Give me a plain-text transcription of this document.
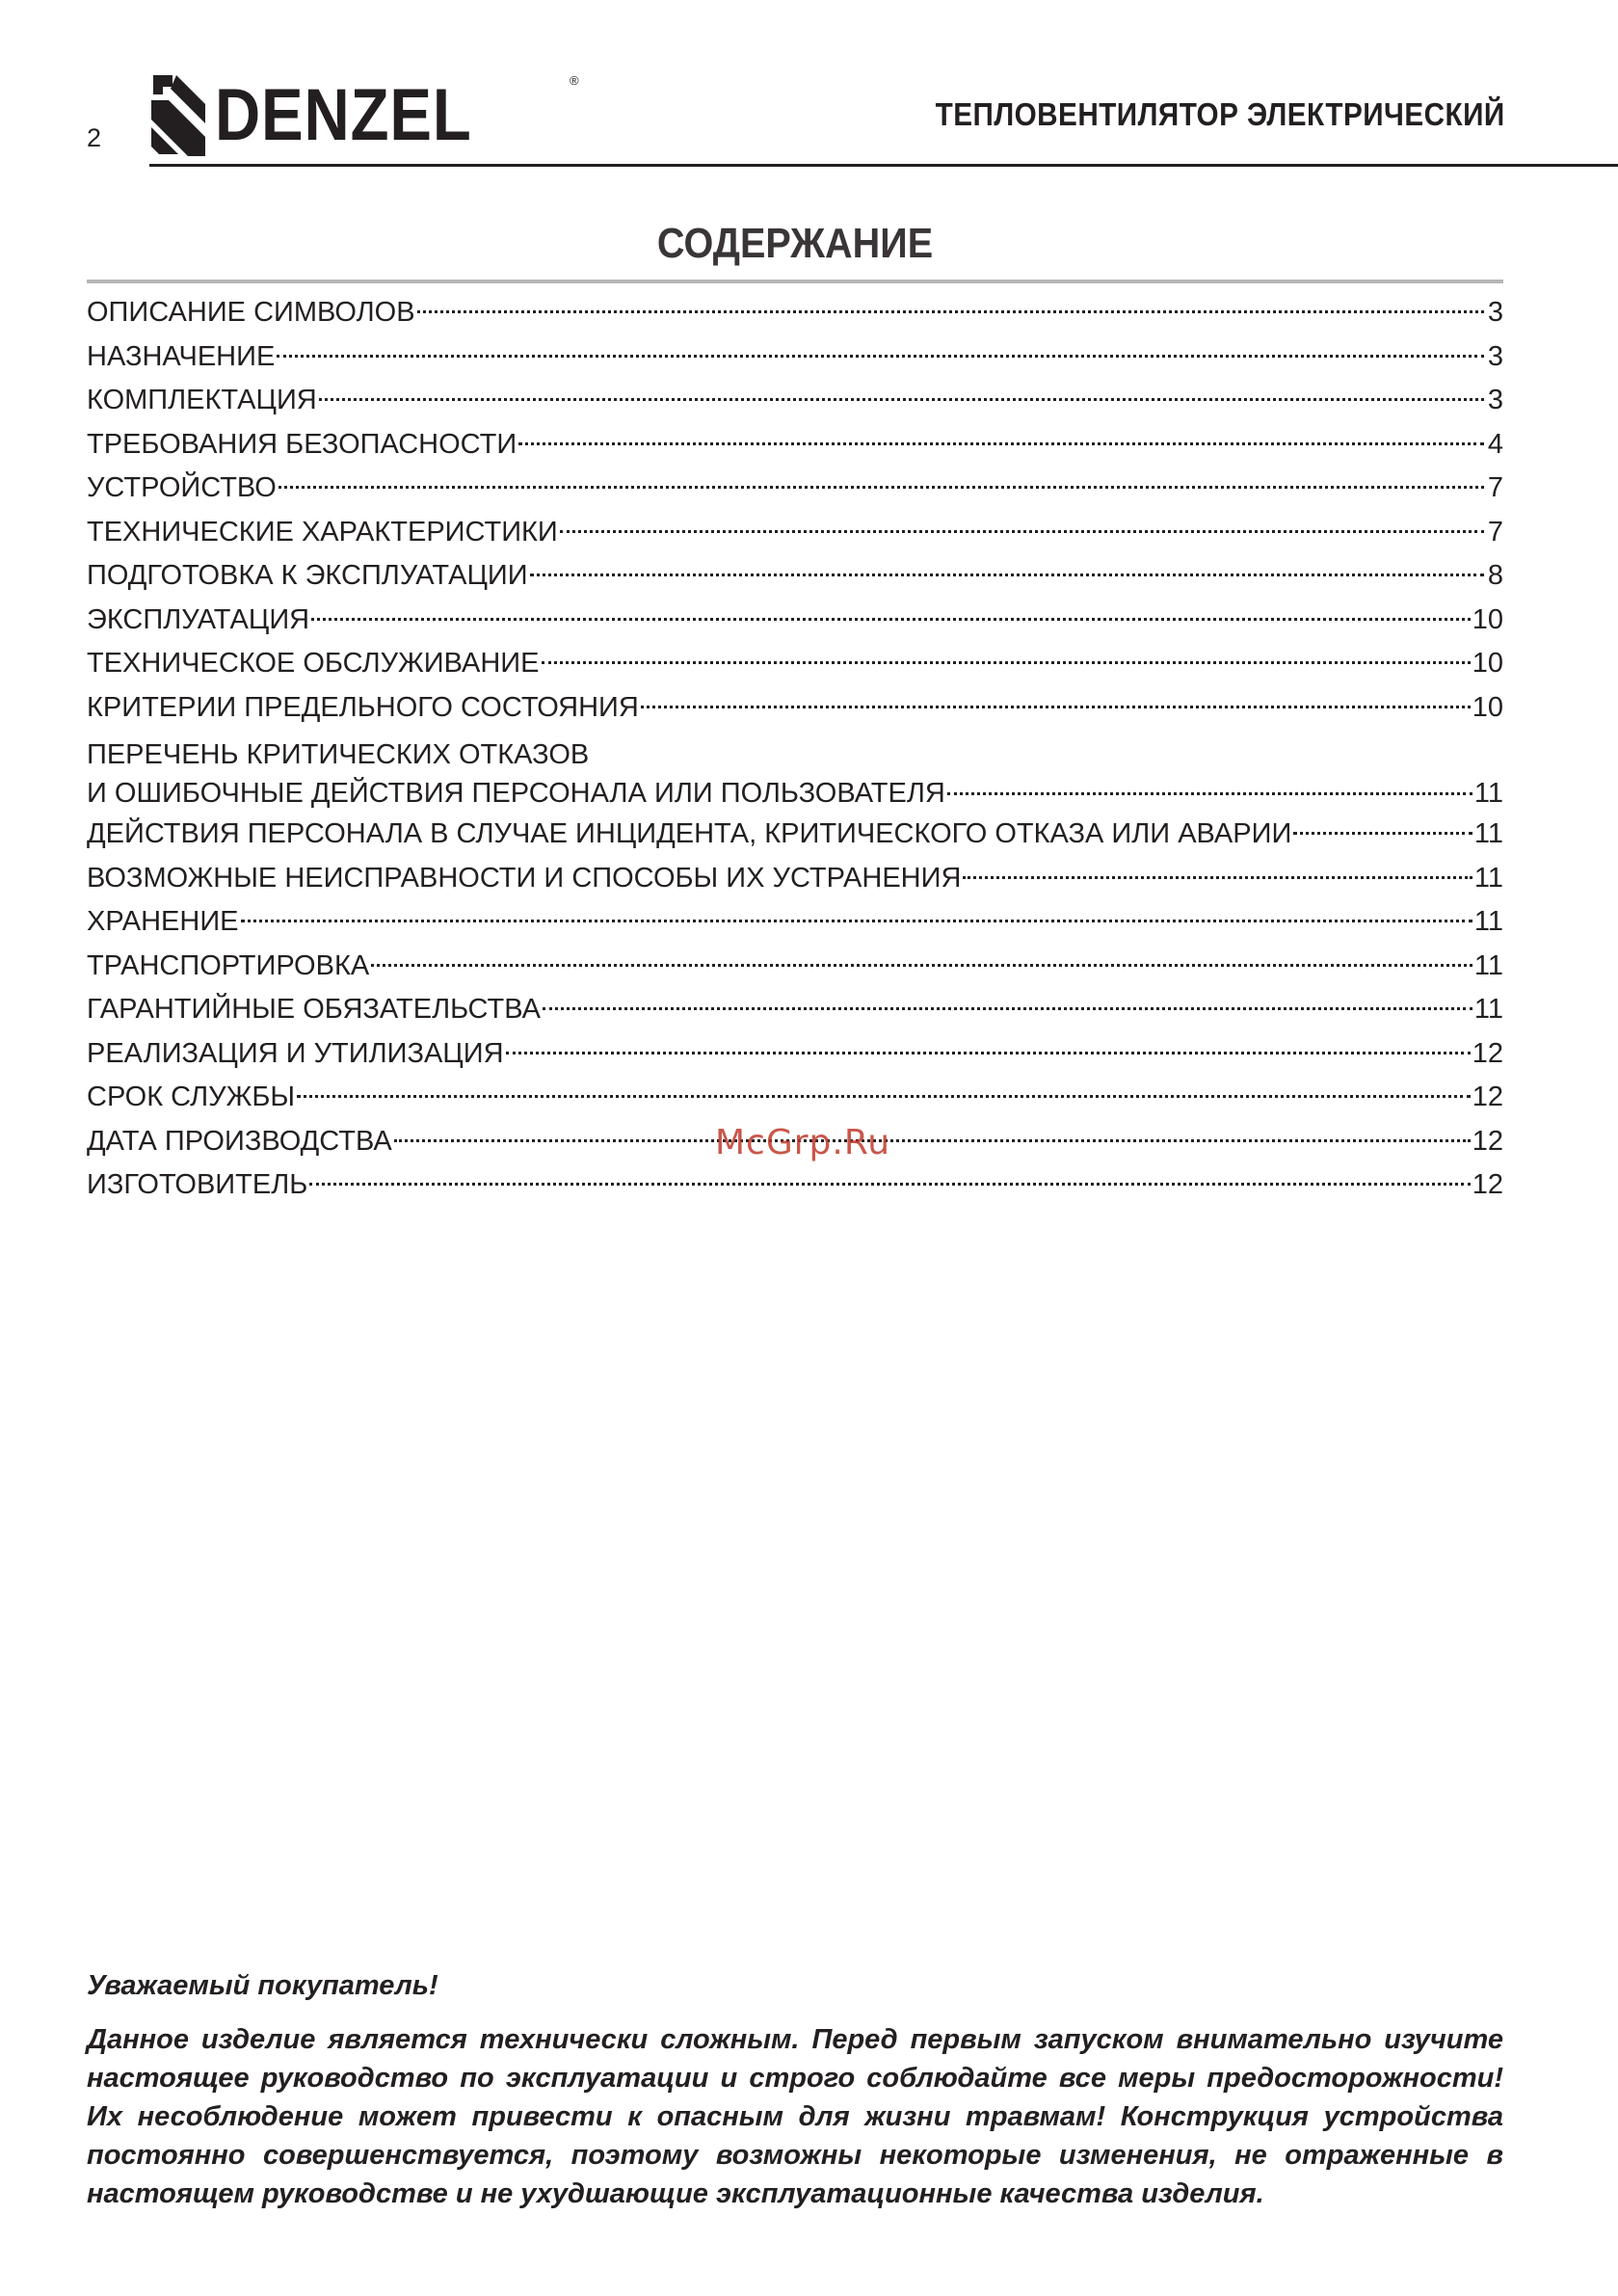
2 DENZEL	®
ТЕПЛОВЕНТИЛЯТОР ЭЛЕКТРИЧЕСКИЙ
СОДЕРЖАНИЕ
ОПИСАНИЕ СИМВОЛОВ	3
НАЗНАЧЕНИЕ	3
КОМПЛЕКТАЦИЯ	3
ТРЕБОВАНИЯ БЕЗОПАСНОСТИ	4
УСТРОЙСТВО	7
ТЕХНИЧЕСКИЕ ХАРАКТЕРИСТИКИ	7
ПОДГОТОВКА К ЭКСПЛУАТАЦИИ	8
ЭКСПЛУАТАЦИЯ	10
ТЕХНИЧЕСКОЕ ОБСЛУЖИВАНИЕ	10
КРИТЕРИИ ПРЕДЕЛЬНОГО СОСТОЯНИЯ	10
ПЕРЕЧЕНЬ КРИТИЧЕСКИХ ОТКАЗОВ
И ОШИБОЧНЫЕ ДЕЙСТВИЯ ПЕРСОНАЛА ИЛИ ПОЛЬЗОВАТЕЛЯ	11
ДЕЙСТВИЯ ПЕРСОНАЛА В СЛУЧАЕ ИНЦИДЕНТА, КРИТИЧЕСКОГО ОТКАЗА ИЛИ АВАРИИ	11
ВОЗМОЖНЫЕ НЕИСПРАВНОСТИ И СПОСОБЫ ИХ УСТРАНЕНИЯ	11
ХРАНЕНИЕ	11
ТРАНСПОРТИРОВКА	11
ГАРАНТИЙНЫЕ ОБЯЗАТЕЛЬСТВА	11
РЕАЛИЗАЦИЯ И УТИЛИЗАЦИЯ	12
СРОК СЛУЖБЫ	12
ДАТА ПРОИЗВОДСТВА	12
ИЗГОТОВИТЕЛЬ	12
McGrp.Ru

Уважаемый покупатель!

Данное изделие является технически сложным. Перед первым запуском внимательно изучите настоящее руководство по эксплуатации и строго соблюдайте все меры предосторожности! Их несоблюдение может привести к опасным для жизни травмам! Конструкция устройства постоянно совершенствуется, поэтому возможны некоторые изменения, не отраженные в настоящем руководстве и не ухудшающие эксплуатационные качества изделия.
